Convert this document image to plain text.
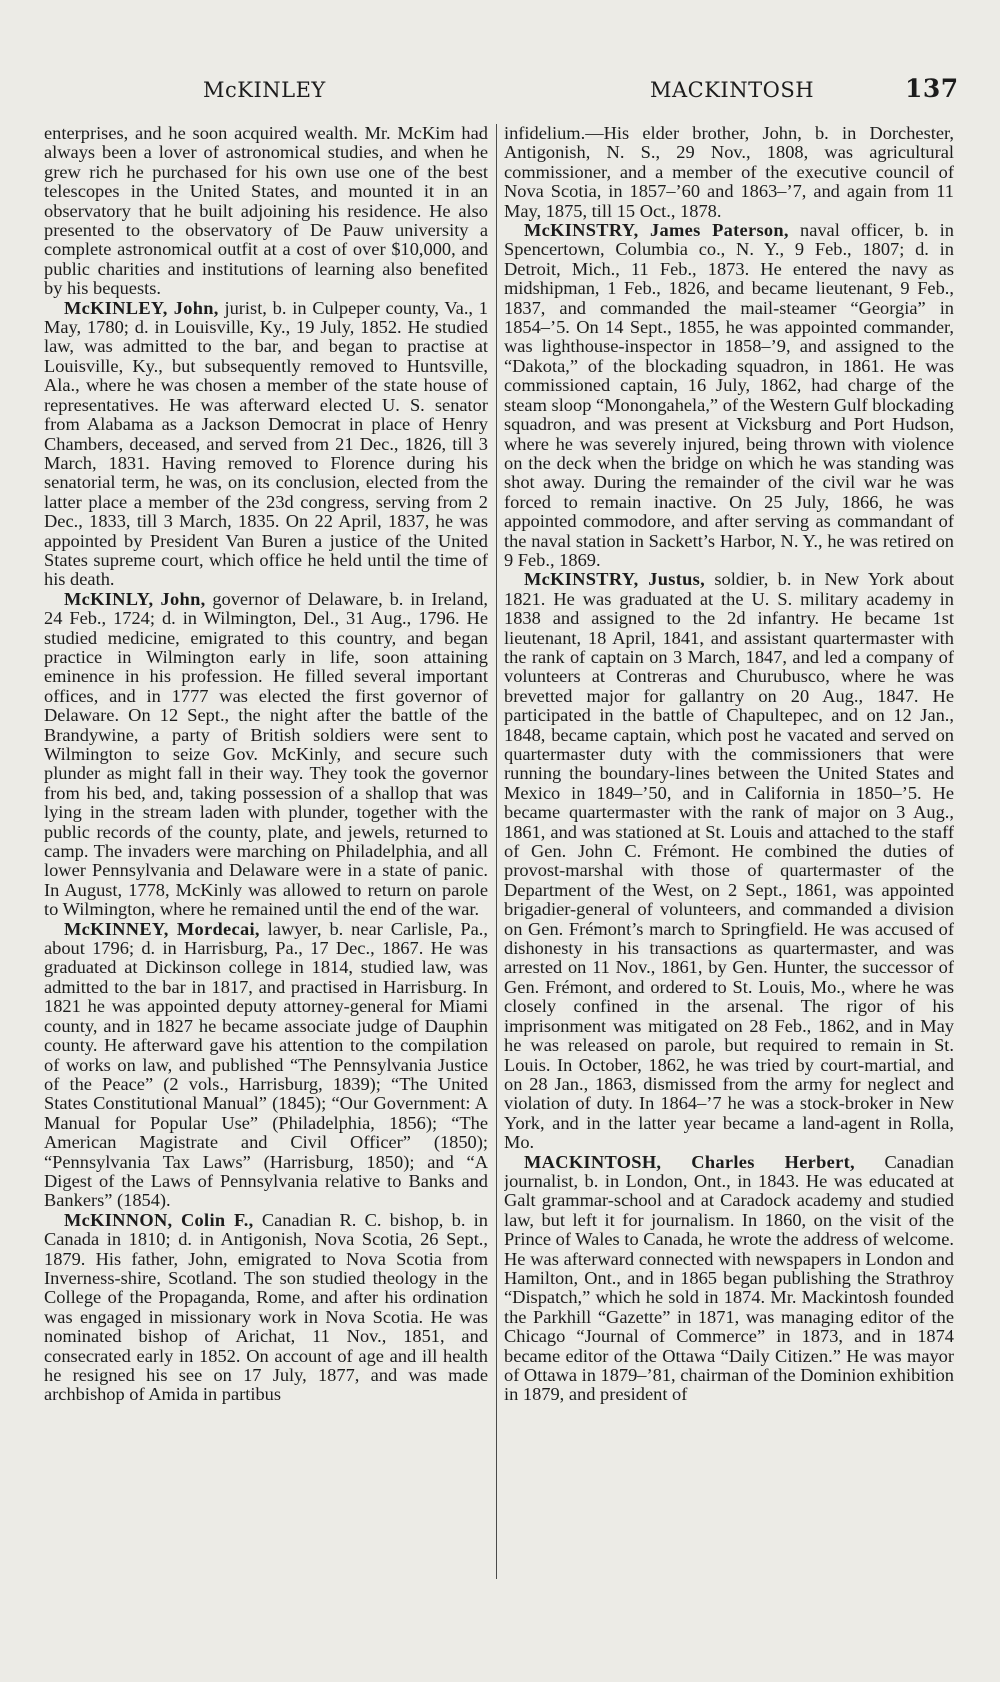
McKINLEY	MACKINTOSH	137

enterprises, and he soon acquired wealth. Mr. McKim had always been a lover of astronomical studies, and when he grew rich he purchased for his own use one of the best telescopes in the United States, and mounted it in an observatory that he built adjoining his residence. He also presented to the observatory of De Pauw university a complete astronomical outfit at a cost of over $10,000, and public charities and institutions of learning also benefited by his bequests.

McKINLEY, John, jurist, b. in Culpeper county, Va., 1 May, 1780; d. in Louisville, Ky., 19 July, 1852. He studied law, was admitted to the bar, and began to practise at Louisville, Ky., but subsequently removed to Huntsville, Ala., where he was chosen a member of the state house of representatives. He was afterward elected U. S. senator from Alabama as a Jackson Democrat in place of Henry Chambers, deceased, and served from 21 Dec., 1826, till 3 March, 1831. Having removed to Florence during his senatorial term, he was, on its conclusion, elected from the latter place a member of the 23d congress, serving from 2 Dec., 1833, till 3 March, 1835. On 22 April, 1837, he was appointed by President Van Buren a justice of the United States supreme court, which office he held until the time of his death.

McKINLY, John, governor of Delaware, b. in Ireland, 24 Feb., 1724; d. in Wilmington, Del., 31 Aug., 1796. He studied medicine, emigrated to this country, and began practice in Wilmington early in life, soon attaining eminence in his profession. He filled several important offices, and in 1777 was elected the first governor of Delaware. On 12 Sept., the night after the battle of the Brandywine, a party of British soldiers were sent to Wilmington to seize Gov. McKinly, and secure such plunder as might fall in their way. They took the governor from his bed, and, taking possession of a shallop that was lying in the stream laden with plunder, together with the public records of the county, plate, and jewels, returned to camp. The invaders were marching on Philadelphia, and all lower Pennsylvania and Delaware were in a state of panic. In August, 1778, McKinly was allowed to return on parole to Wilmington, where he remained until the end of the war.

McKINNEY, Mordecai, lawyer, b. near Carlisle, Pa., about 1796; d. in Harrisburg, Pa., 17 Dec., 1867. He was graduated at Dickinson college in 1814, studied law, was admitted to the bar in 1817, and practised in Harrisburg. In 1821 he was appointed deputy attorney-general for Miami county, and in 1827 he became associate judge of Dauphin county. He afterward gave his attention to the compilation of works on law, and published “The Pennsylvania Justice of the Peace” (2 vols., Harrisburg, 1839); “The United States Constitutional Manual” (1845); “Our Government: A Manual for Popular Use” (Philadelphia, 1856); “The American Magistrate and Civil Officer” (1850); “Pennsylvania Tax Laws” (Harrisburg, 1850); and “A Digest of the Laws of Pennsylvania relative to Banks and Bankers” (1854).

McKINNON, Colin F., Canadian R. C. bishop, b. in Canada in 1810; d. in Antigonish, Nova Scotia, 26 Sept., 1879. His father, John, emigrated to Nova Scotia from Inverness-shire, Scotland. The son studied theology in the College of the Propaganda, Rome, and after his ordination was engaged in missionary work in Nova Scotia. He was nominated bishop of Arichat, 11 Nov., 1851, and consecrated early in 1852. On account of age and ill health he resigned his see on 17 July, 1877, and was made archbishop of Amida in partibus

infidelium.—His elder brother, John, b. in Dorchester, Antigonish, N. S., 29 Nov., 1808, was agricultural commissioner, and a member of the executive council of Nova Scotia, in 1857–’60 and 1863–’7, and again from 11 May, 1875, till 15 Oct., 1878.

McKINSTRY, James Paterson, naval officer, b. in Spencertown, Columbia co., N. Y., 9 Feb., 1807; d. in Detroit, Mich., 11 Feb., 1873. He entered the navy as midshipman, 1 Feb., 1826, and became lieutenant, 9 Feb., 1837, and commanded the mail-steamer “Georgia” in 1854–’5. On 14 Sept., 1855, he was appointed commander, was lighthouse-inspector in 1858–’9, and assigned to the “Dakota,” of the blockading squadron, in 1861. He was commissioned captain, 16 July, 1862, had charge of the steam sloop “Monongahela,” of the Western Gulf blockading squadron, and was present at Vicksburg and Port Hudson, where he was severely injured, being thrown with violence on the deck when the bridge on which he was standing was shot away. During the remainder of the civil war he was forced to remain inactive. On 25 July, 1866, he was appointed commodore, and after serving as commandant of the naval station in Sackett’s Harbor, N. Y., he was retired on 9 Feb., 1869.

McKINSTRY, Justus, soldier, b. in New York about 1821. He was graduated at the U. S. military academy in 1838 and assigned to the 2d infantry. He became 1st lieutenant, 18 April, 1841, and assistant quartermaster with the rank of captain on 3 March, 1847, and led a company of volunteers at Contreras and Churubusco, where he was brevetted major for gallantry on 20 Aug., 1847. He participated in the battle of Chapultepec, and on 12 Jan., 1848, became captain, which post he vacated and served on quartermaster duty with the commissioners that were running the boundary-lines between the United States and Mexico in 1849–’50, and in California in 1850–’5. He became quartermaster with the rank of major on 3 Aug., 1861, and was stationed at St. Louis and attached to the staff of Gen. John C. Frémont. He combined the duties of provost-marshal with those of quartermaster of the Department of the West, on 2 Sept., 1861, was appointed brigadier-general of volunteers, and commanded a division on Gen. Frémont’s march to Springfield. He was accused of dishonesty in his transactions as quartermaster, and was arrested on 11 Nov., 1861, by Gen. Hunter, the successor of Gen. Frémont, and ordered to St. Louis, Mo., where he was closely confined in the arsenal. The rigor of his imprisonment was mitigated on 28 Feb., 1862, and in May he was released on parole, but required to remain in St. Louis. In October, 1862, he was tried by court-martial, and on 28 Jan., 1863, dismissed from the army for neglect and violation of duty. In 1864–’7 he was a stock-broker in New York, and in the latter year became a land-agent in Rolla, Mo.

MACKINTOSH, Charles Herbert, Canadian journalist, b. in London, Ont., in 1843. He was educated at Galt grammar-school and at Caradock academy and studied law, but left it for journalism. In 1860, on the visit of the Prince of Wales to Canada, he wrote the address of welcome. He was afterward connected with newspapers in London and Hamilton, Ont., and in 1865 began publishing the Strathroy “Dispatch,” which he sold in 1874. Mr. Mackintosh founded the Parkhill “Gazette” in 1871, was managing editor of the Chicago “Journal of Commerce” in 1873, and in 1874 became editor of the Ottawa “Daily Citizen.” He was mayor of Ottawa in 1879–’81, chairman of the Dominion exhibition in 1879, and president of
